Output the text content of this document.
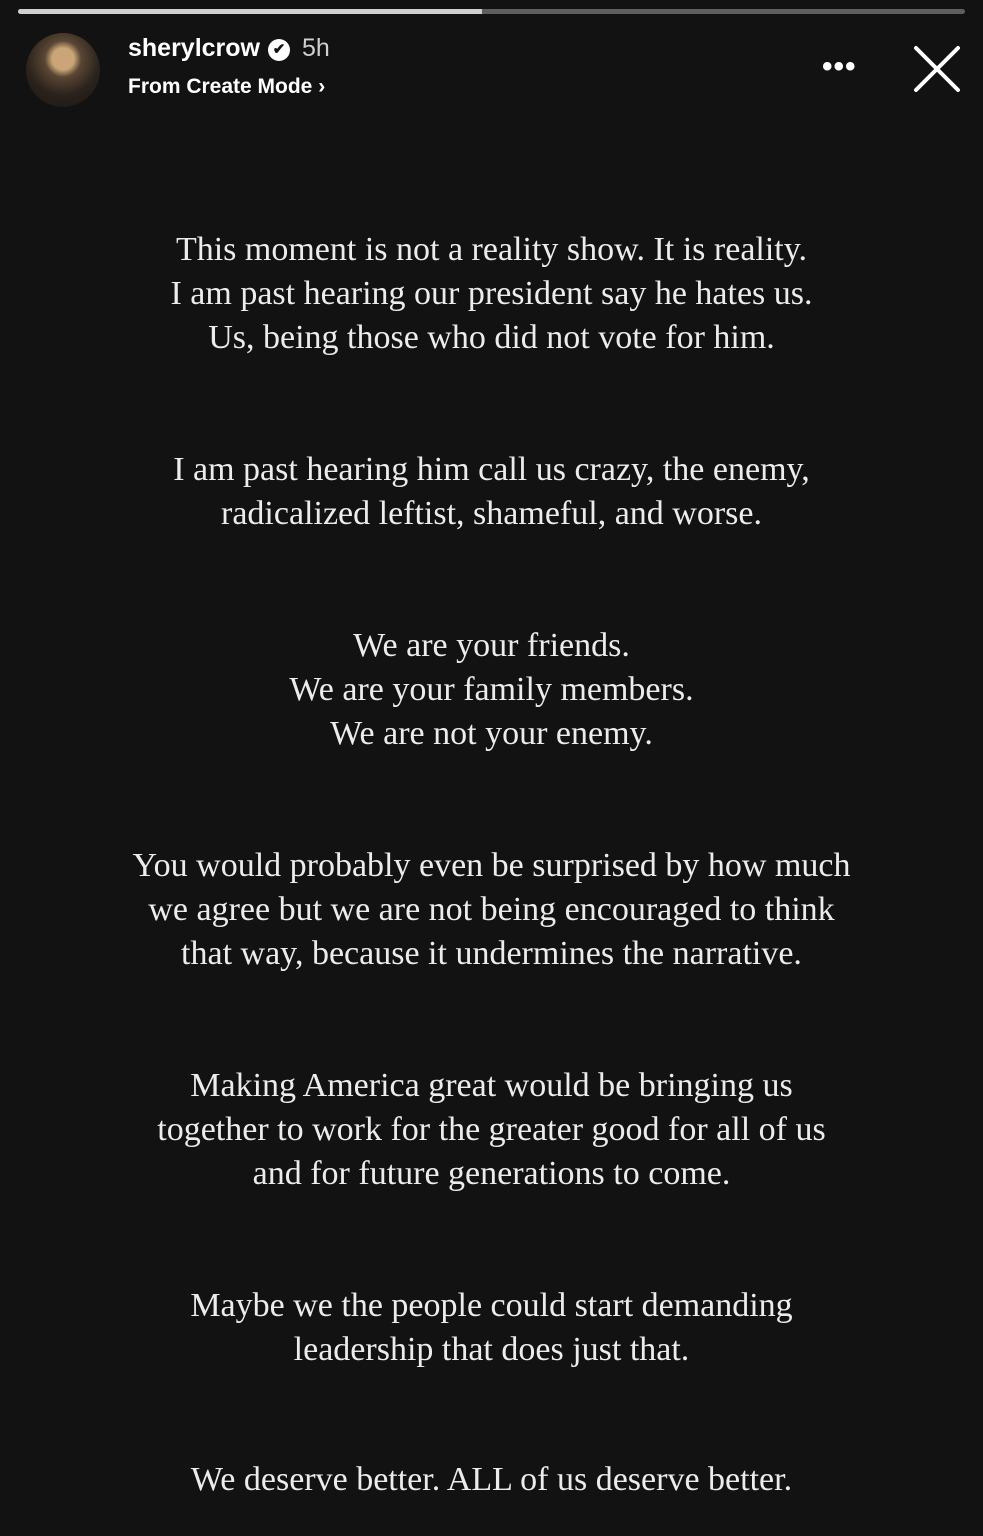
sherylcrow ✔ 5h
From Create Mode ›
•••
This moment is not a reality show. It is reality.
I am past hearing our president say he hates us.
Us, being those who did not vote for him.
I am past hearing him call us crazy, the enemy,
radicalized leftist, shameful, and worse.
We are your friends.
We are your family members.
We are not your enemy.
You would probably even be surprised by how much
we agree but we are not being encouraged to think
that way, because it undermines the narrative.
Making America great would be bringing us
together to work for the greater good for all of us
and for future generations to come.
Maybe we the people could start demanding
leadership that does just that.
We deserve better. ALL of us deserve better.
